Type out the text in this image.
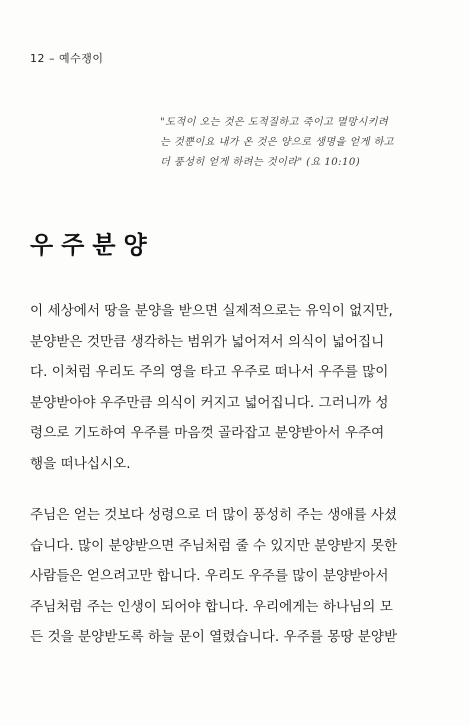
12 – 예수쟁이
"도적이 오는 것은 도적질하고 죽이고 멸망시키려
는 것뿐이요 내가 온 것은 양으로 생명을 얻게 하고
더 풍성히 얻게 하려는 것이라" (요 10:10)
우주분양
이 세상에서 땅을 분양을 받으면 실제적으로는 유익이 없지만,
분양받은 것만큼 생각하는 범위가 넓어져서 의식이 넓어집니
다. 이처럼 우리도 주의 영을 타고 우주로 떠나서 우주를 많이
분양받아야 우주만큼 의식이 커지고 넓어집니다. 그러니까 성
령으로 기도하여 우주를 마음껏 골라잡고 분양받아서 우주여
행을 떠나십시오.
주님은 얻는 것보다 성령으로 더 많이 풍성히 주는 생애를 사셨
습니다. 많이 분양받으면 주님처럼 줄 수 있지만 분양받지 못한
사람들은 얻으려고만 합니다. 우리도 우주를 많이 분양받아서
주님처럼 주는 인생이 되어야 합니다. 우리에게는 하나님의 모
든 것을 분양받도록 하늘 문이 열렸습니다. 우주를 몽땅 분양받
